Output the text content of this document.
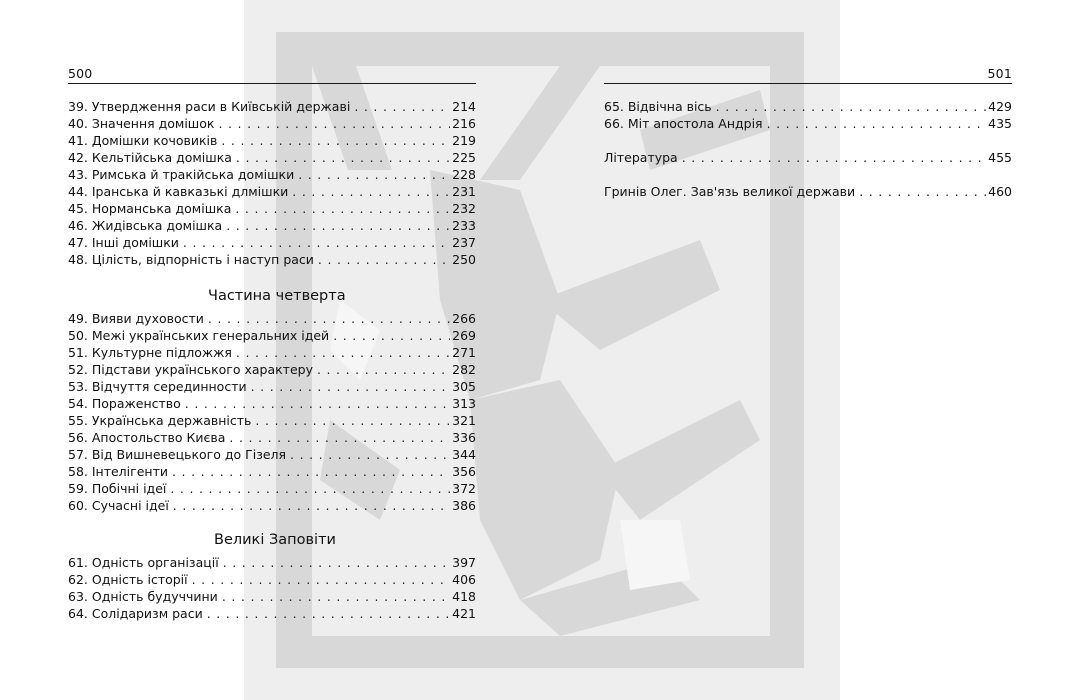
500
39. Утвердження раси в Київській державі . . .	214
40. Значення домішок . . .	216
41. Домішки кочовиків . . .	219
42. Кельтійська домішка . . .	225
43. Римська й тракійська домішки . . .	228
44. Іранська й кавказькі длмішки . . .	231
45. Норманська домішка . . .	232
46. Жидівська домішка . . .	233
47. Інші домішки . . .	237
48. Цілість, відпорність і наступ раси . . .	250
Частина четверта
49. Вияви духовости . . .	266
50. Межі українських генеральних ідей . . .	269
51. Культурне підложжя . . .	271
52. Підстави українського характеру . . .	282
53. Відчуття серединности . . .	305
54. Пораженство . . .	313
55. Українська державність . . .	321
56. Апостольство Києва . . .	336
57. Від Вишневецького до Гізеля . . .	344
58. Інтелігенти . . .	356
59. Побічні ідеї . . .	372
60. Сучасні ідеї . . .	386
Великі Заповіти
61. Одність організації . . .	397
62. Одність історії . . .	406
63. Одність будуччини . . .	418
64. Солідаризм раси . . .	421
501
65. Відвічна вісь . . .	429
66. Міт апостола Андрія . . .	435
Література . . .	455
Гринів Олег. Зав'язь великої держави . . .	460
